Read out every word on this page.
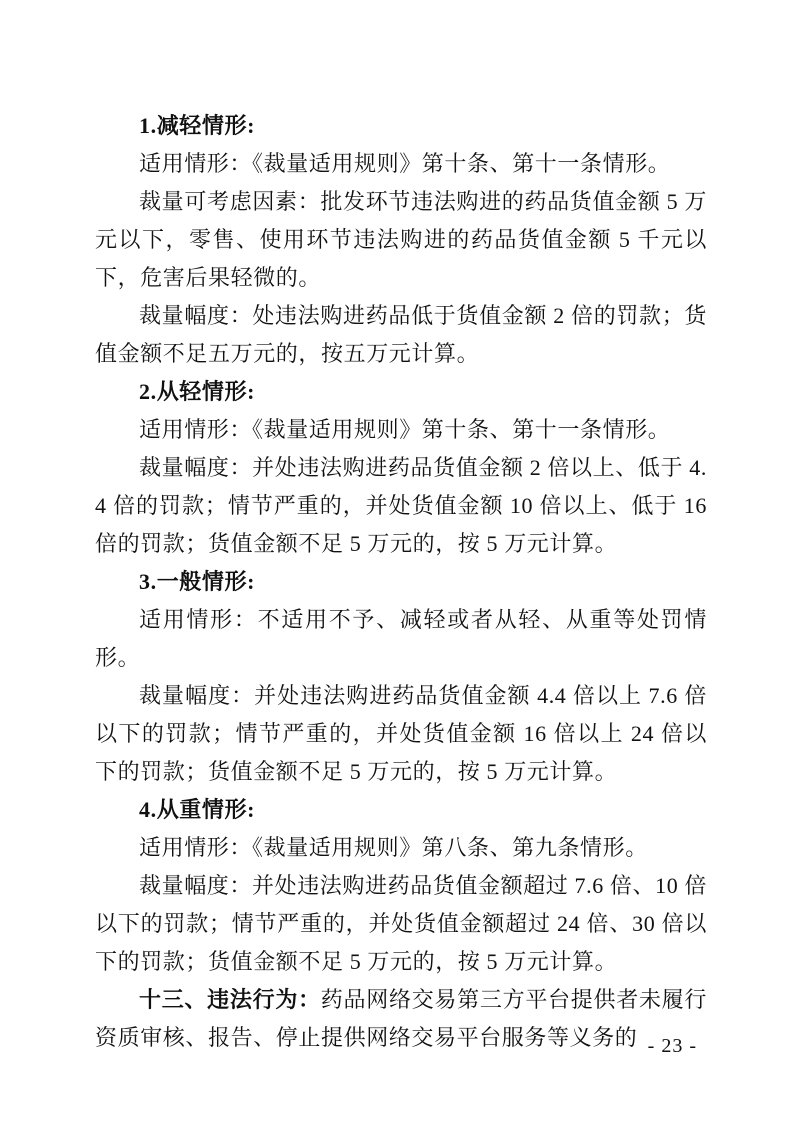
1.减轻情形:

适用情形：《裁量适用规则》第十条、第十一条情形。

裁量可考虑因素：批发环节违法购进的药品货值金额 5 万元以下，零售、使用环节违法购进的药品货值金额 5 千元以下，危害后果轻微的。

裁量幅度：处违法购进药品低于货值金额 2 倍的罚款；货值金额不足五万元的，按五万元计算。

2.从轻情形:

适用情形：《裁量适用规则》第十条、第十一条情形。

裁量幅度：并处违法购进药品货值金额 2 倍以上、低于 4.4 倍的罚款；情节严重的，并处货值金额 10 倍以上、低于 16 倍的罚款；货值金额不足 5 万元的，按 5 万元计算。

3.一般情形:

适用情形：不适用不予、减轻或者从轻、从重等处罚情形。

裁量幅度：并处违法购进药品货值金额 4.4 倍以上 7.6 倍以下的罚款；情节严重的，并处货值金额 16 倍以上 24 倍以下的罚款；货值金额不足 5 万元的，按 5 万元计算。

4.从重情形:

适用情形：《裁量适用规则》第八条、第九条情形。

裁量幅度：并处违法购进药品货值金额超过 7.6 倍、10 倍以下的罚款；情节严重的，并处货值金额超过 24 倍、30 倍以下的罚款；货值金额不足 5 万元的，按 5 万元计算。

十三、违法行为：药品网络交易第三方平台提供者未履行资质审核、报告、停止提供网络交易平台服务等义务的 - 23 -
